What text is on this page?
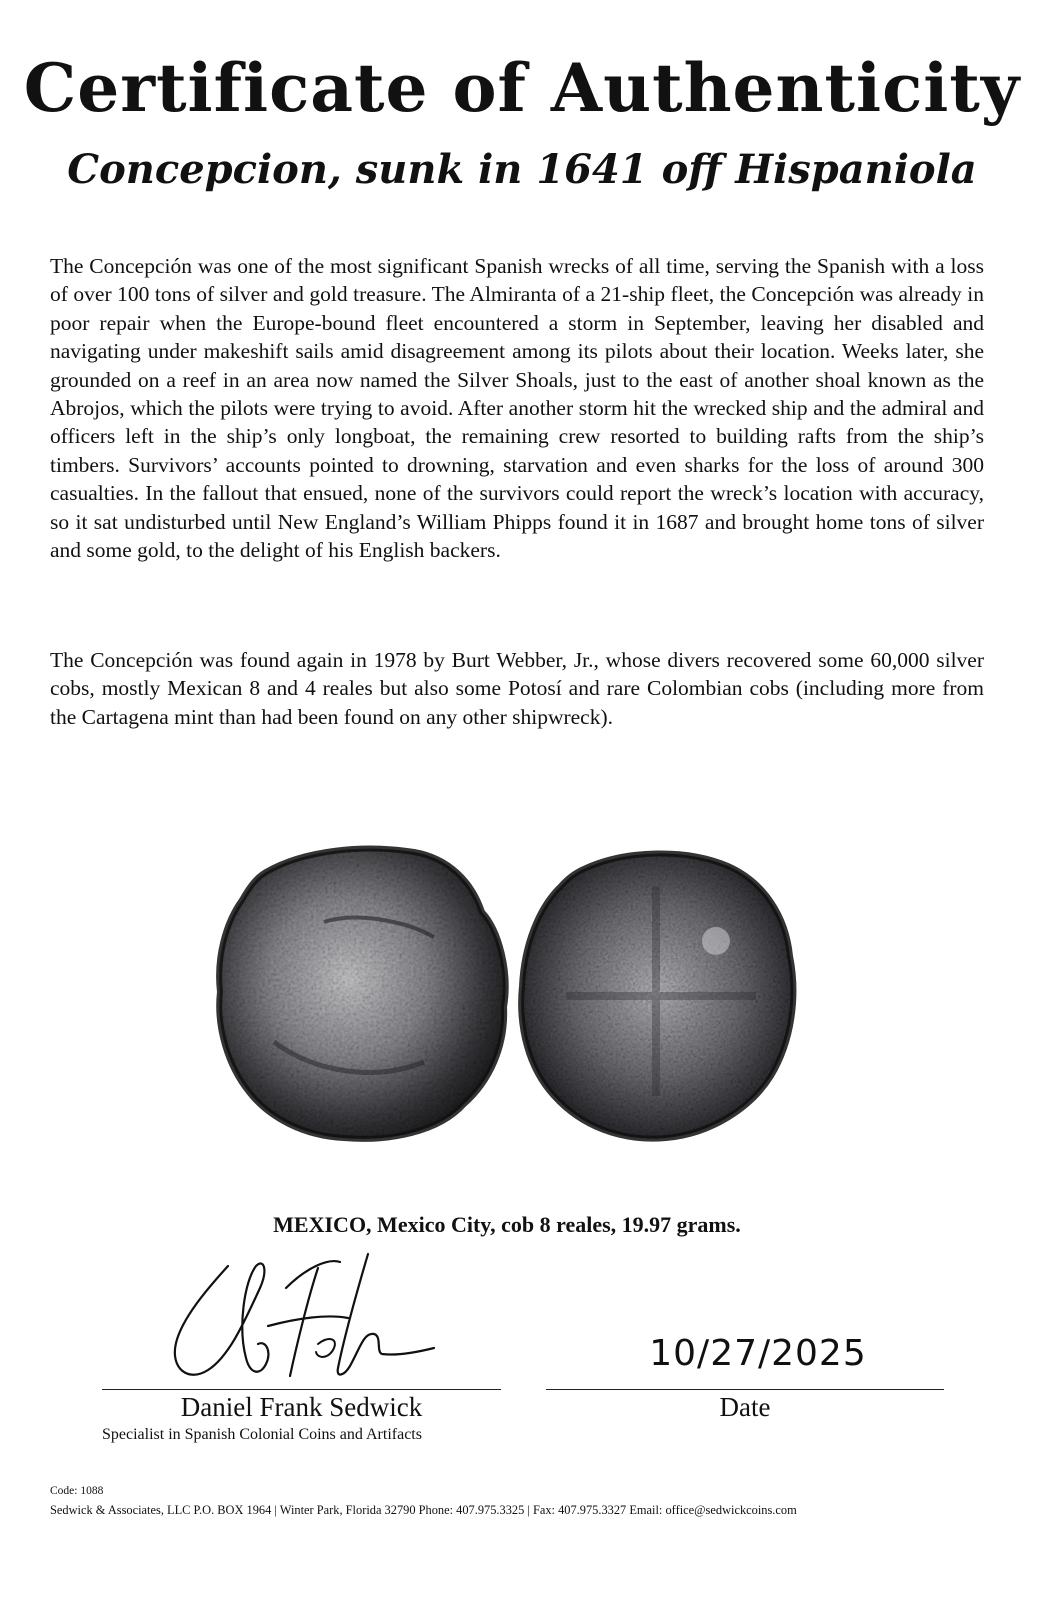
Certificate of Authenticity
Concepcion, sunk in 1641 off Hispaniola
The Concepción was one of the most significant Spanish wrecks of all time, serving the Spanish with a loss of over 100 tons of silver and gold treasure. The Almiranta of a 21-ship fleet, the Concepción was already in poor repair when the Europe-bound fleet encountered a storm in September, leaving her disabled and navigating under makeshift sails amid disagreement among its pilots about their location. Weeks later, she grounded on a reef in an area now named the Silver Shoals, just to the east of another shoal known as the Abrojos, which the pilots were trying to avoid. After another storm hit the wrecked ship and the admiral and officers left in the ship’s only longboat, the remaining crew resorted to building rafts from the ship’s timbers. Survivors’ accounts pointed to drowning, starvation and even sharks for the loss of around 300 casualties. In the fallout that ensued, none of the survivors could report the wreck’s location with accuracy, so it sat undisturbed until New England’s William Phipps found it in 1687 and brought home tons of silver and some gold, to the delight of his English backers.
The Concepción was found again in 1978 by Burt Webber, Jr., whose divers recovered some 60,000 silver cobs, mostly Mexican 8 and 4 reales but also some Potosí and rare Colombian cobs (including more from the Cartagena mint than had been found on any other shipwreck).
MEXICO, Mexico City, cob 8 reales, 19.97 grams.
10/27/2025
Daniel Frank Sedwick	Date
Specialist in Spanish Colonial Coins and Artifacts
Code: 1088
Sedwick & Associates, LLC P.O. BOX 1964 | Winter Park, Florida 32790 Phone: 407.975.3325 | Fax: 407.975.3327 Email: office@sedwickcoins.com
